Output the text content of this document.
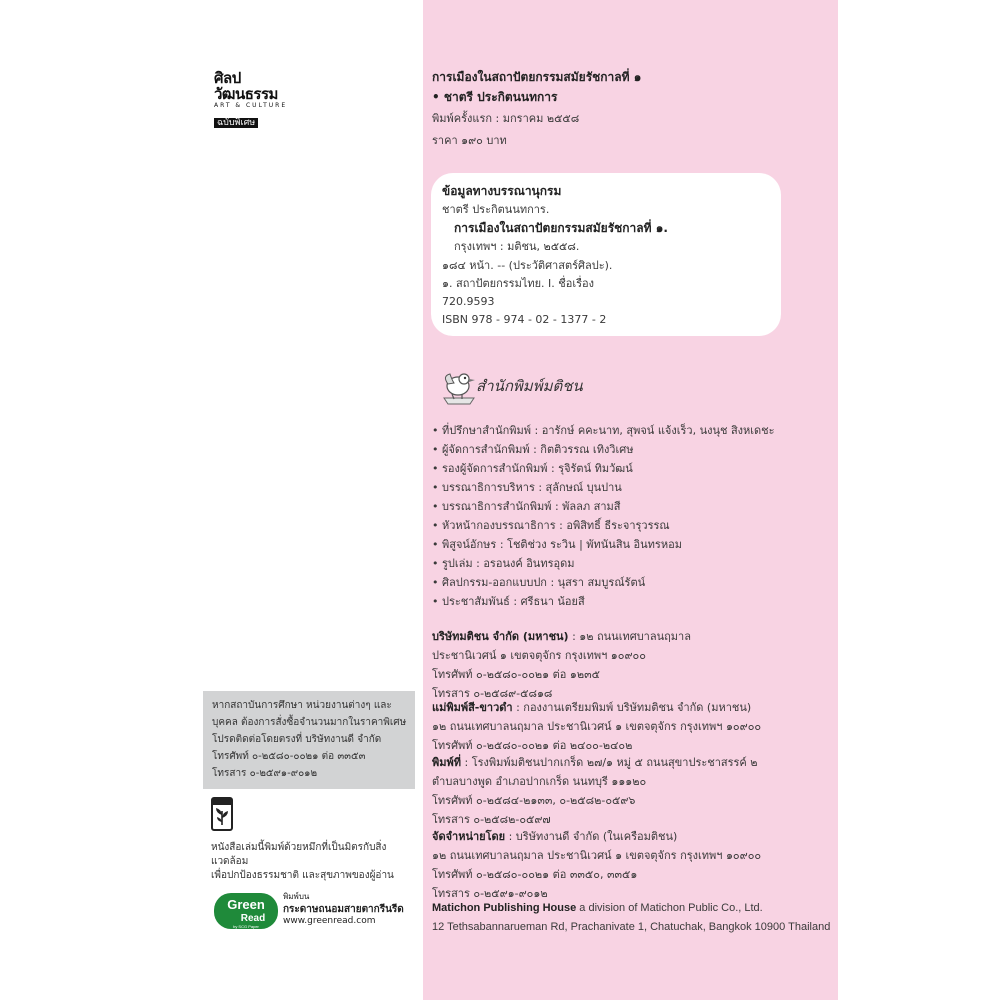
ศิลปวัฒนธรรม
ART & CULTURE
ฉบับพิเศษ
การเมืองในสถาปัตยกรรมสมัยรัชกาลที่ ๑
• ชาตรี ประกิตนนทการ
พิมพ์ครั้งแรก : มกราคม ๒๕๕๘
ราคา ๑๙๐ บาท
ข้อมูลทางบรรณานุกรม
ชาตรี ประกิตนนทการ.
การเมืองในสถาปัตยกรรมสมัยรัชกาลที่ ๑.
กรุงเทพฯ : มติชน, ๒๕๕๘.
๑๘๔ หน้า. -- (ประวัติศาสตร์ศิลปะ).
๑. สถาปัตยกรรมไทย. I. ชื่อเรื่อง
720.9593
ISBN 978 - 974 - 02 - 1377 - 2
สำนักพิมพ์มติชน
• ที่ปรึกษาสำนักพิมพ์ : อารักษ์ คคะนาท, สุพจน์ แจ้งเร็ว, นงนุช สิงหเดชะ
• ผู้จัดการสำนักพิมพ์ : กิตติวรรณ เทิงวิเศษ
• รองผู้จัดการสำนักพิมพ์ : รุจิรัตน์ ทิมวัฒน์
• บรรณาธิการบริหาร : สุลักษณ์ บุนปาน
• บรรณาธิการสำนักพิมพ์ : พัลลภ สามสี
• หัวหน้ากองบรรณาธิการ : อพิสิทธิ์ ธีระจารุวรรณ
• พิสูจน์อักษร : โชติช่วง ระวิน | พัทนันสิน อินทรหอม
• รูปเล่ม : อรอนงค์ อินทรอุดม
• ศิลปกรรม-ออกแบบปก : นุสรา สมบูรณ์รัตน์
• ประชาสัมพันธ์ : ศรีธนา น้อยสี
บริษัทมติชน จำกัด (มหาชน) : ๑๒ ถนนเทศบาลนฤมาล
ประชานิเวศน์ ๑ เขตจตุจักร กรุงเทพฯ ๑๐๙๐๐
โทรศัพท์ ๐-๒๕๘๐-๐๐๒๑ ต่อ ๑๒๓๕
โทรสาร ๐-๒๕๘๙-๕๘๑๘
แม่พิมพ์สี-ขาวดำ : กองงานเตรียมพิมพ์ บริษัทมติชน จำกัด (มหาชน)
๑๒ ถนนเทศบาลนฤมาล ประชานิเวศน์ ๑ เขตจตุจักร กรุงเทพฯ ๑๐๙๐๐
โทรศัพท์ ๐-๒๕๘๐-๐๐๒๑ ต่อ ๒๔๐๐-๒๔๐๒
พิมพ์ที่ : โรงพิมพ์มติชนปากเกร็ด ๒๗/๑ หมู่ ๕ ถนนสุขาประชาสรรค์ ๒
ตำบลบางพูด อำเภอปากเกร็ด นนทบุรี ๑๑๑๒๐
โทรศัพท์ ๐-๒๕๘๔-๒๑๓๓, ๐-๒๕๘๒-๐๕๙๖
โทรสาร ๐-๒๕๘๒-๐๕๙๗
จัดจำหน่ายโดย : บริษัทงานดี จำกัด (ในเครือมติชน)
๑๒ ถนนเทศบาลนฤมาล ประชานิเวศน์ ๑ เขตจตุจักร กรุงเทพฯ ๑๐๙๐๐
โทรศัพท์ ๐-๒๕๘๐-๐๐๒๑ ต่อ ๓๓๕๐, ๓๓๕๑
โทรสาร ๐-๒๕๙๑-๙๐๑๒
Matichon Publishing House a division of Matichon Public Co., Ltd.
12 Tethsabannarueman Rd, Prachanivate 1, Chatuchak, Bangkok 10900 Thailand
หากสถาบันการศึกษา หน่วยงานต่างๆ และ
บุคคล ต้องการสั่งซื้อจำนวนมากในราคาพิเศษ
โปรดติดต่อโดยตรงที่ บริษัทงานดี จำกัด
โทรศัพท์ ๐-๒๕๘๐-๐๐๒๑ ต่อ ๓๓๕๓
โทรสาร ๐-๒๕๙๑-๙๐๑๒
หนังสือเล่มนี้พิมพ์ด้วยหมึกที่เป็นมิตรกับสิ่ง
แวดล้อม
เพื่อปกป้องธรรมชาติ และสุขภาพของผู้อ่าน
Green
Read
by SCG Paper
พิมพ์บน
กระดาษถนอมสายตากรีนรีด
www.greenread.com
